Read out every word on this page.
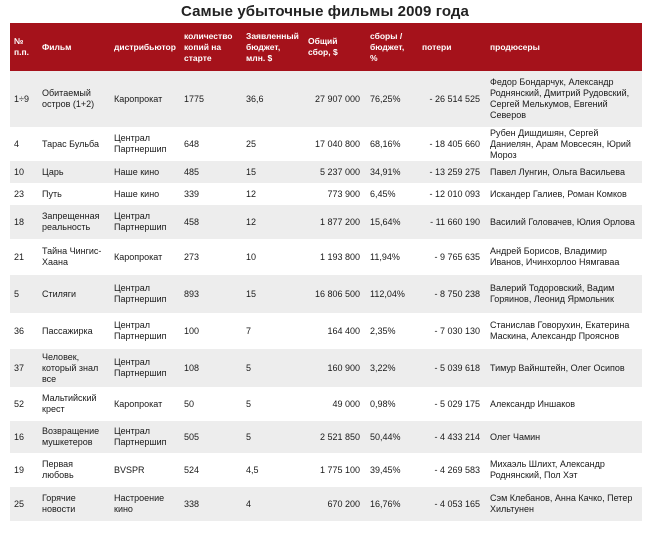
Самые убыточные фильмы 2009 года
№ п.п.	Фильм	дистрибьютор	количество копий на старте	Заявленный бюджет, млн. $	Общий сбор, $	сборы / бюджет, %	потери	продюсеры
1÷9	Обитаемый остров (1+2)	Каропрокат	1775	36,6	27 907 000	76,25%	- 26 514 525	Федор Бондарчук, Александр Роднянский, Дмитрий Рудовский, Сергей Мелькумов, Евгений Северов
4	Тарас Бульба	Централ Партнершип	648	25	17 040 800	68,16%	- 18 405 660	Рубен Дишдишян, Сергей Даниелян, Арам Мовсесян, Юрий Мороз
10	Царь	Наше кино	485	15	5 237 000	34,91%	- 13 259 275	Павел Лунгин, Ольга Васильева
23	Путь	Наше кино	339	12	773 900	6,45%	- 12 010 093	Искандер Галиев, Роман Комков
18	Запрещенная реальность	Централ Партнершип	458	12	1 877 200	15,64%	- 11 660 190	Василий Головачев, Юлия Орлова
21	Тайна Чингис-Хаана	Каропрокат	273	10	1 193 800	11,94%	- 9 765 635	Андрей Борисов, Владимир Иванов, Ичинхорлоо Нямгаваа
5	Стиляги	Централ Партнершип	893	15	16 806 500	112,04%	- 8 750 238	Валерий Тодоровский, Вадим Горяинов, Леонид Ярмольник
36	Пассажирка	Централ Партнершип	100	7	164 400	2,35%	- 7 030 130	Станислав Говорухин, Екатерина Маскина, Александр Прояснов
37	Человек, который знал все	Централ Партнершип	108	5	160 900	3,22%	- 5 039 618	Тимур Вайнштейн, Олег Осипов
52	Мальтийский крест	Каропрокат	50	5	49 000	0,98%	- 5 029 175	Александр Иншаков
16	Возвращение мушкетеров	Централ Партнершип	505	5	2 521 850	50,44%	- 4 433 214	Олег Чамин
19	Первая любовь	BVSPR	524	4,5	1 775 100	39,45%	- 4 269 583	Михаэль Шлихт, Александр Роднянский, Пол Хэт
25	Горячие новости	Настроение кино	338	4	670 200	16,76%	- 4 053 165	Сэм Клебанов, Анна Качко, Петер Хильтунен
